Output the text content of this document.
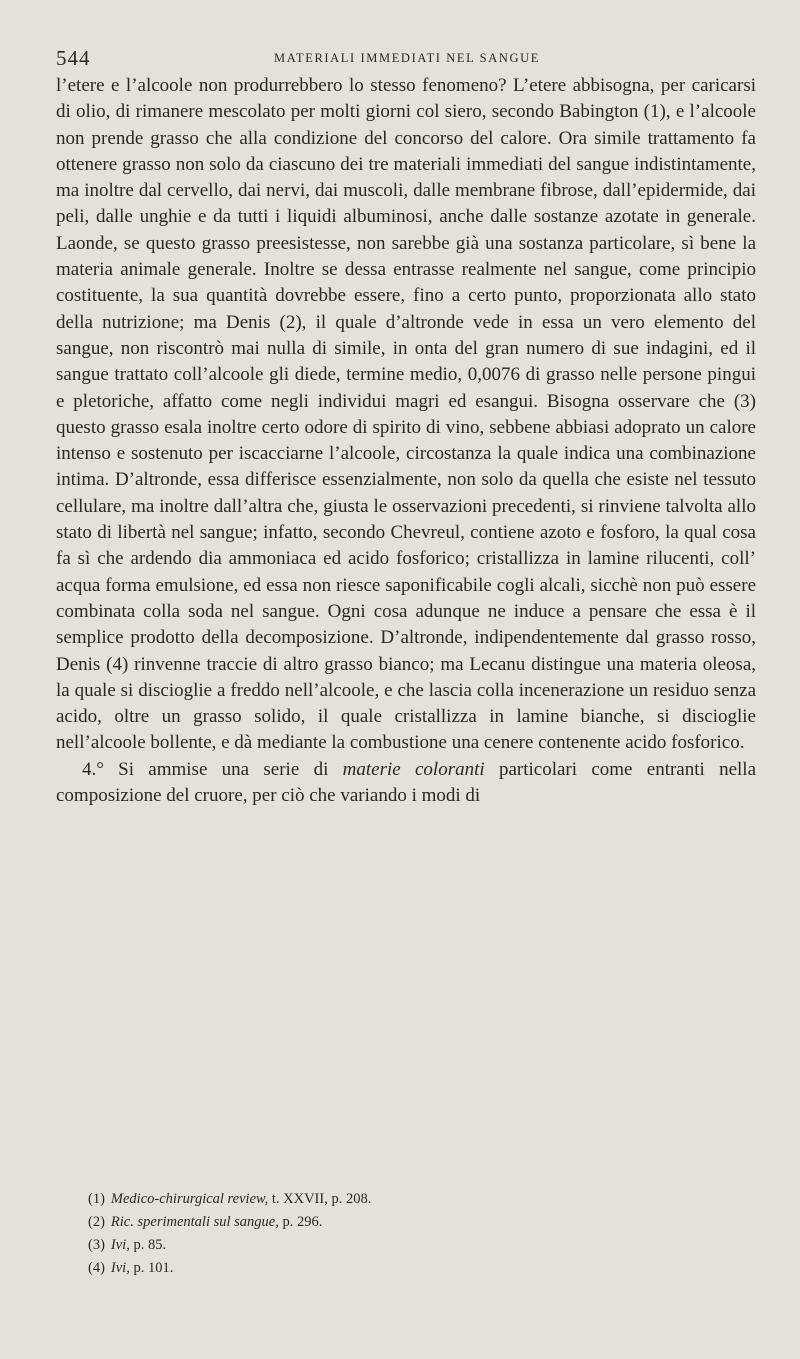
544	MATERIALI IMMEDIATI NEL SANGUE

l’etere e l’alcoole non produrrebbero lo stesso fenomeno? L’etere abbisogna, per caricarsi di olio, di rimanere mescolato per molti giorni col siero, secondo Babington (1), e l’alcoole non prende grasso che alla condizione del concorso del calore. Ora simile trattamento fa ottenere grasso non solo da ciascuno dei tre materiali immediati del sangue indistintamente, ma inoltre dal cervello, dai nervi, dai muscoli, dalle membrane fibrose, dall’epidermide, dai peli, dalle unghie e da tutti i liquidi albuminosi, anche dalle sostanze azotate in generale. Laonde, se questo grasso preesistesse, non sarebbe già una sostanza particolare, sì bene la materia animale generale. Inoltre se dessa entrasse realmente nel sangue, come principio costituente, la sua quantità dovrebbe essere, fino a certo punto, proporzionata allo stato della nutrizione; ma Denis (2), il quale d’altronde vede in essa un vero elemento del sangue, non riscontrò mai nulla di simile, in onta del gran numero di sue indagini, ed il sangue trattato coll’alcoole gli diede, termine medio, 0,0076 di grasso nelle persone pingui e pletoriche, affatto come negli individui magri ed esangui. Bisogna osservare che (3) questo grasso esala inoltre certo odore di spirito di vino, sebbene abbiasi adoprato un calore intenso e sostenuto per iscacciarne l’alcoole, circostanza la quale indica una combinazione intima. D’altronde, essa differisce essenzialmente, non solo da quella che esiste nel tessuto cellulare, ma inoltre dall’altra che, giusta le osservazioni precedenti, si rinviene talvolta allo stato di libertà nel sangue; infatto, secondo Chevreul, contiene azoto e fosforo, la qual cosa fa sì che ardendo dia ammoniaca ed acido fosforico; cristallizza in lamine rilucenti, coll’ acqua forma emulsione, ed essa non riesce saponificabile cogli alcali, sicchè non può essere combinata colla soda nel sangue. Ogni cosa adunque ne induce a pensare che essa è il semplice prodotto della decomposizione. D’altronde, indipendentemente dal grasso rosso, Denis (4) rinvenne traccie di altro grasso bianco; ma Lecanu distingue una materia oleosa, la quale si discioglie a freddo nell’alcoole, e che lascia colla incenerazione un residuo senza acido, oltre un grasso solido, il quale cristallizza in lamine bianche, si discioglie nell’alcoole bollente, e dà mediante la combustione una cenere contenente acido fosforico.

4.° Si ammise una serie di materie coloranti particolari come entranti nella composizione del cruore, per ciò che variando i modi di

(1) Medico-chirurgical review, t. XXVII, p. 208.
(2) Ric. sperimentali sul sangue, p. 296.
(3) Ivi, p. 85.
(4) Ivi, p. 101.
